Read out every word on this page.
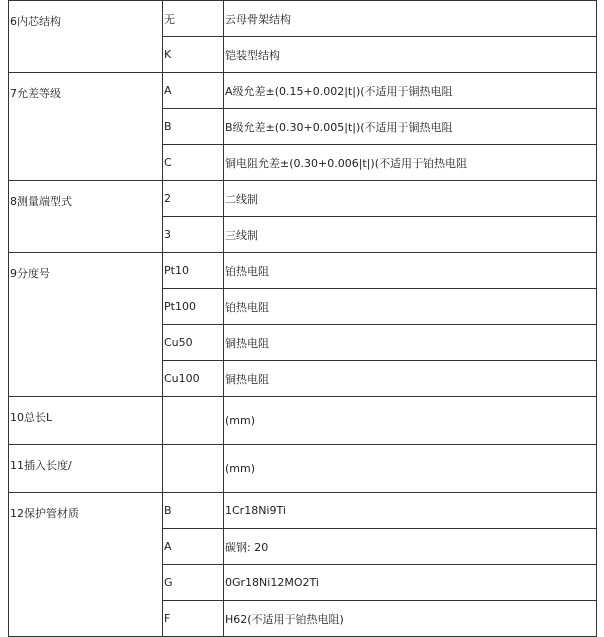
6内芯结构	无	云母骨架结构
	K	铠装型结构
7允差等级	A	A级允差±(0.15+0.002|t|)(不适用于铜热电阻
	B	B级允差±(0.30+0.005|t|)(不适用于铜热电阻
	C	铜电阻允差±(0.30+0.006|t|)(不适用于铂热电阻
8测量端型式	2	二线制
	3	三线制
9分度号	Pt10	铂热电阻
	Pt100	铂热电阻
	Cu50	铜热电阻
	Cu100	铜热电阻
10总长L		(mm)
11插入长度/		(mm)
12保护管材质	B	1Cr18Ni9Ti
	A	碳钢: 20
	G	0Gr18Ni12MO2Ti
	F	H62(不适用于铂热电阻)
